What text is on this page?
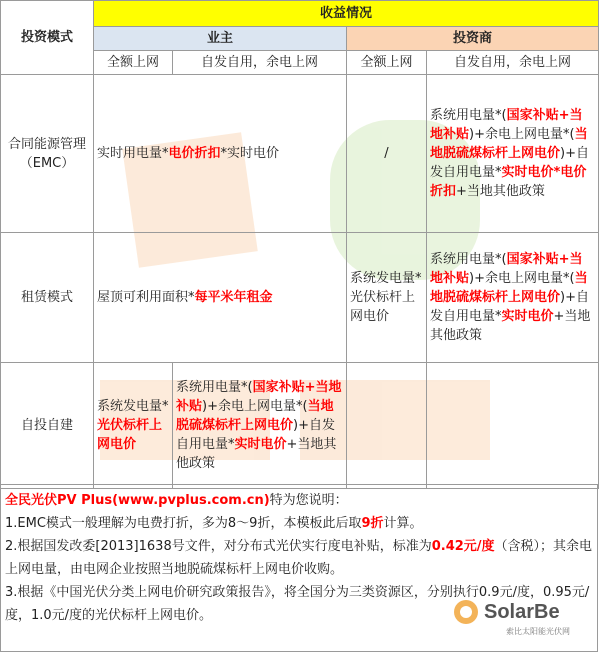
投资模式	收益情况			
	业主		投资商	
	全额上网	自发自用，余电上网	全额上网	自发自用，余电上网
合同能源管理（EMC）	实时用电量*电价折扣*实时电价		/	系统用电量*(国家补贴+当地补贴)+余电上网电量*(当地脱硫煤标杆上网电价)+自发自用电量*实时电价*电价折扣+当地其他政策
租赁模式	屋顶可利用面积*每平米年租金		系统发电量*光伏标杆上网电价	系统用电量*(国家补贴+当地补贴)+余电上网电量*(当地脱硫煤标杆上网电价)+自发自用电量*实时电价+当地其他政策
自投自建	系统发电量*光伏标杆上网电价	系统用电量*(国家补贴+当地补贴)+余电上网电量*(当地脱硫煤标杆上网电价)+自发自用电量*实时电价+当地其他政策		

全民光伏PV Plus(www.pvplus.com.cn)特为您说明：

1.EMC模式一般理解为电费打折，多为8～9折，本模板此后取9折计算。

2.根据国发改委[2013]1638号文件，对分布式光伏实行度电补贴，标准为0.42元/度（含税）；其余电上网电量，由电网企业按照当地脱硫煤标杆上网电价收购。

3.根据《中国光伏分类上网电价研究政策报告》，将全国分为三类资源区，分别执行0.9元/度，0.95元/度，1.0元/度的光伏标杆上网电价。	SolarBe
索比太阳能光伏网
